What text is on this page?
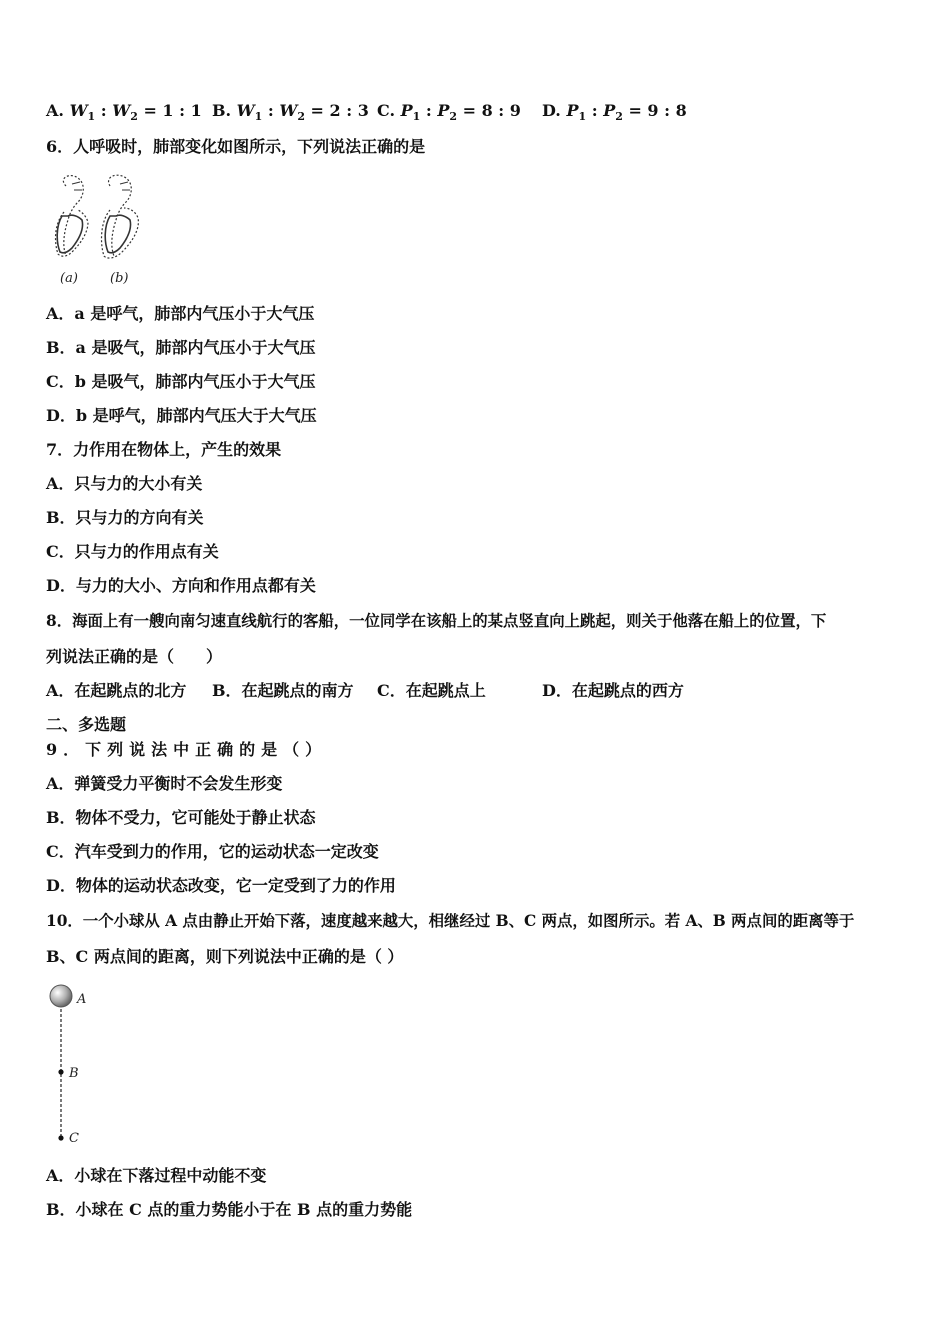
A. $W_1$ : $W_2 = 1$ : 1 B. $W_1$ : $W_2 = 2$ : 3 C. $P_1$ : $P_2 = 8$ : 9 D. $P_1$ : $P_2 = 9$ : 8
6．人呼吸时，肺部变化如图所示，下列说法正确的是
(a) (b)
A．a 是呼气，肺部内气压小于大气压
B．a 是吸气，肺部内气压小于大气压
C．b 是吸气，肺部内气压小于大气压
D．b 是呼气，肺部内气压大于大气压
7．力作用在物体上，产生的效果
A．只与力的大小有关
B．只与力的方向有关
C．只与力的作用点有关
D．与力的大小、方向和作用点都有关
8．海面上有一艘向南匀速直线航行的客船，一位同学在该船上的某点竖直向上跳起，则关于他落在船上的位置，下
列说法正确的是（　　）
A．在起跳点的北方 B．在起跳点的南方 C．在起跳点上	D．在起跳点的西方
二、多选题
9．下列说法中正确的是（）
A．弹簧受力平衡时不会发生形变
B．物体不受力，它可能处于静止状态
C．汽车受到力的作用，它的运动状态一定改变
D．物体的运动状态改变，它一定受到了力的作用
10．一个小球从 A 点由静止开始下落，速度越来越大，相继经过 B、C 两点，如图所示。若 A、B 两点间的距离等于
B、C 两点间的距离，则下列说法中正确的是（ ）
A
B
C
A．小球在下落过程中动能不变
B．小球在 C 点的重力势能小于在 B 点的重力势能
